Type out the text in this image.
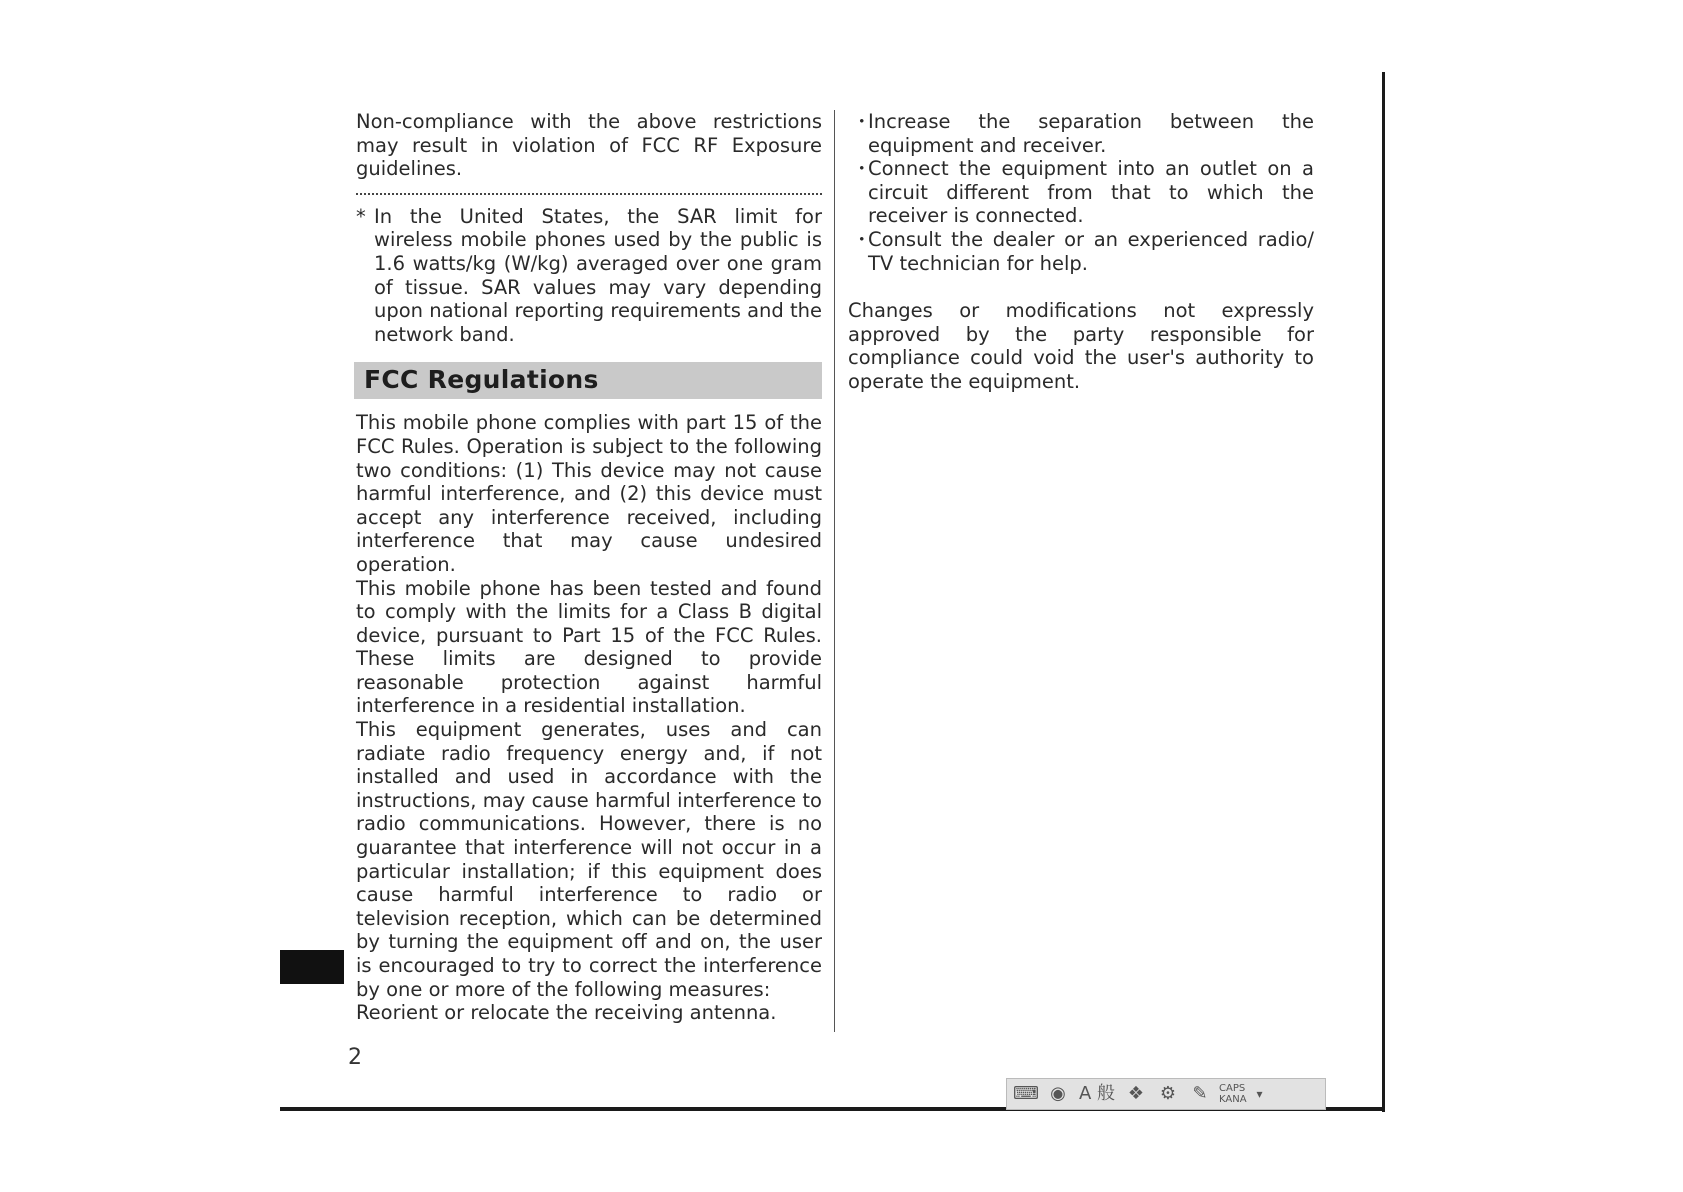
Non-compliance with the above restrictions may result in violation of FCC RF Exposure guidelines.

* In the United States, the SAR limit for wireless mobile phones used by the public is 1.6 watts/kg (W/kg) averaged over one gram of tissue. SAR values may vary depending upon national reporting requirements and the network band.

FCC Regulations

This mobile phone complies with part 15 of the FCC Rules. Operation is subject to the following two conditions: (1) This device may not cause harmful interference, and (2) this device must accept any interference received, including interference that may cause undesired operation.

This mobile phone has been tested and found to comply with the limits for a Class B digital device, pursuant to Part 15 of the FCC Rules. These limits are designed to provide reasonable protection against harmful interference in a residential installation.

This equipment generates, uses and can radiate radio frequency energy and, if not installed and used in accordance with the instructions, may cause harmful interference to radio communications. However, there is no guarantee that interference will not occur in a particular installation; if this equipment does cause harmful interference to radio or television reception, which can be determined by turning the equipment off and on, the user is encouraged to try to correct the interference by one or more of the following measures:

Reorient or relocate the receiving antenna.

・
Increase the separation between the equipment and receiver.

・
Connect the equipment into an outlet on a circuit different from that to which the receiver is connected.

・
Consult the dealer or an experienced radio/ TV technician for help.

Changes or modifications not expressly approved by the party responsible for compliance could void the user's authority to operate the equipment.

2
⌨ ◉ A 般 ❖ ⚙ ✎	CAPS
KANA ▾
